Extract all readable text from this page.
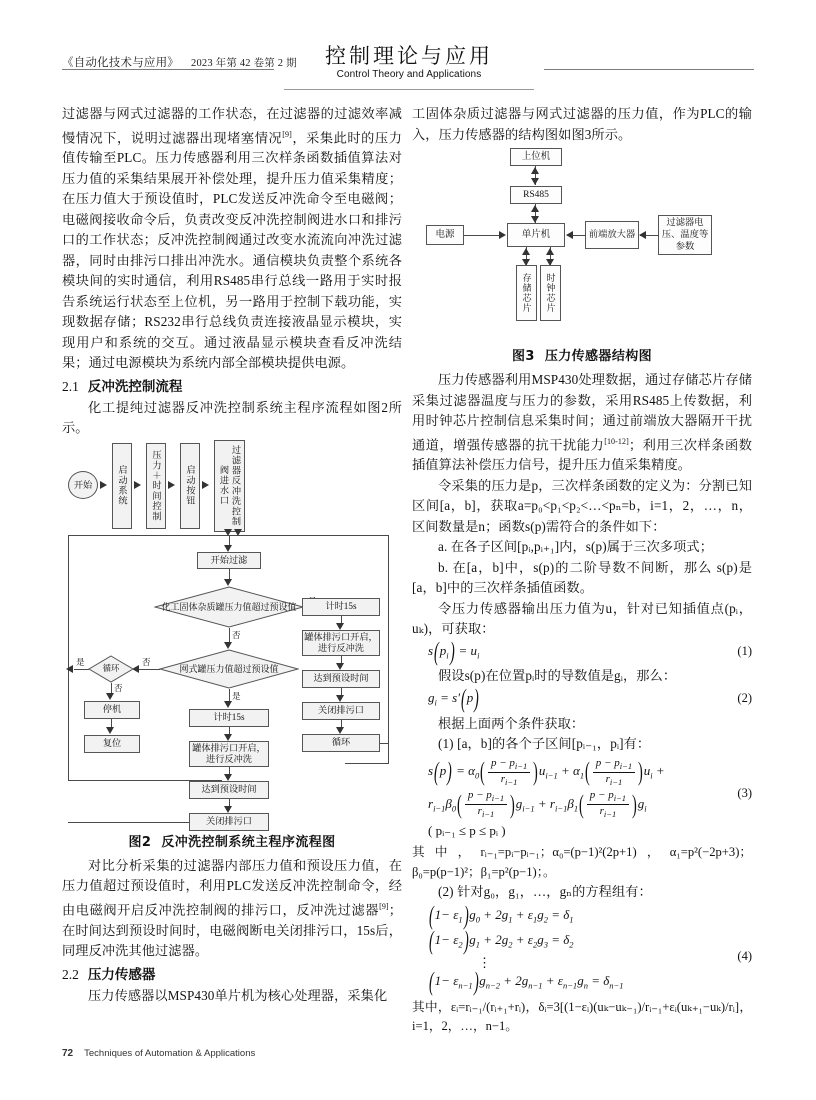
《自动化技术与应用》 2023 年第 42 卷第 2 期	控制理论与应用
Control Theory and Applications

过滤器与网式过滤器的工作状态，在过滤器的过滤效率减慢情况下，说明过滤器出现堵塞情况[9]，采集此时的压力值传输至PLC。压力传感器利用三次样条函数插值算法对压力值的采集结果展开补偿处理，提升压力值采集精度；在压力值大于预设值时，PLC发送反冲洗命令至电磁阀；电磁阀接收命令后，负责改变反冲洗控制阀进水口和排污口的工作状态；反冲洗控制阀通过改变水流流向冲洗过滤器，同时由排污口排出冲洗水。通信模块负责整个系统各模块间的实时通信，利用RS485串行总线一路用于实时报告系统运行状态至上位机，另一路用于控制下载功能，实现数据存储；RS232串行总线负责连接液晶显示模块，实现用户和系统的交互。通过液晶显示模块查看反冲洗结果；通过电源模块为系统内部全部模块提供电源。

2.1 反冲洗控制流程

化工提纯过滤器反冲洗控制系统主程序流程如图2所示。

开始	启动系统	压力＋时间控制	启动按钮	过滤器反冲洗控制阀进水口
开始过滤
化工固体杂质罐压力值超过预设值
否
网式罐压力值超过预设值
否
循环
是
否
停机
复位
是
计时15s
罐体排污口开启，进行反冲洗
达到预设时间
关闭排污口
计时15s
罐体排污口开启，进行反冲洗
达到预设时间
关闭排污口
循环
图2 反冲洗控制系统主程序流程图

对比分析采集的过滤器内部压力值和预设压力值，在压力值超过预设值时，利用PLC发送反冲洗控制命令，经由电磁阀开启反冲洗控制阀的排污口，反冲洗过滤器[9]；在时间达到预设时间时，电磁阀断电关闭排污口，15s后，同理反冲洗其他过滤器。

2.2 压力传感器

压力传感器以MSP430单片机为核心处理器，采集化

工固体杂质过滤器与网式过滤器的压力值，作为PLC的输入，压力传感器的结构图如图3所示。

上位机
RS485
电源	单片机	前端放大器
过滤器电压、温度等参数
存储芯片	时钟芯片
图3 压力传感器结构图

压力传感器利用MSP430处理数据，通过存储芯片存储采集过滤器温度与压力的参数，采用RS485上传数据，利用时钟芯片控制信息采集时间；通过前端放大器隔开干扰通道，增强传感器的抗干扰能力[10-12]；利用三次样条函数插值算法补偿压力信号，提升压力值采集精度。

令采集的压力是p，三次样条函数的定义为：分割已知区间[a，b]，获取a=p₀<p₁<p₂<…<pₙ=b，i=1，2，…，n，区间数量是n；函数s(p)需符合的条件如下：

a. 在各子区间[pᵢ,pᵢ₊₁]内，s(p)属于三次多项式；

b. 在[a，b]中，s(p)的二阶导数不间断，那么 s(p)是[a，b]中的三次样条插值函数。

令压力传感器输出压力值为u，针对已知插值点(pᵢ，uₖ)，可获取：

$s(p_i) = u_i$	(1)

假设s(p)在位置pᵢ时的导数值是gᵢ，那么：

$g_i = s'(p)$	(2)

根据上面两个条件获取：

(1) [a，b]的各个子区间[pᵢ₋₁，pᵢ]有：

$s(p) = \alpha_0( \frac{p - p_{i-1}}{r_{i-1}} )u_{i-1} + \alpha_1( \frac{p - p_{i-1}}{r_{i-1}} )u_i$ +
$r_{i-1}\beta_0( \frac{p - p_{i-1}}{r_{i-1}} )g_{i-1} + r_{i-1}\beta_1( \frac{p - p_{i-1}}{r_{i-1}} )g_i$
(3)
( pᵢ₋₁ ≤ p ≤ pᵢ )

其中，rᵢ₋₁=pᵢ−pᵢ₋₁；α₀=(p−1)²(2p+1)，α₁=p²(−2p+3)；β₀=p(p−1)²；β₁=p²(p−1)；。

(2) 针对g₀，g₁，…，gₙ的方程组有：

$(1- \varepsilon_1)g_0 + 2g_1 + \varepsilon_1g_2 = \delta_1$
$(1- \varepsilon_2)g_1 + 2g_2 + \varepsilon_2g_3 = \delta_2$
(4)
⋮
$(1- \varepsilon_{n-1})g_{n-2} + 2g_{n-1} + \varepsilon_{n-1}g_n = \delta_{n-1}$

其中，εᵢ=rᵢ₋₁/(rᵢ₊₁+rᵢ)，δᵢ=3[(1−εᵢ)(uₖ−uₖ₋₁)/rᵢ₋₁+εᵢ(uₖ₊₁−uₖ)/rᵢ]，i=1，2，…，n−1。

72 Techniques of Automation & Applications
